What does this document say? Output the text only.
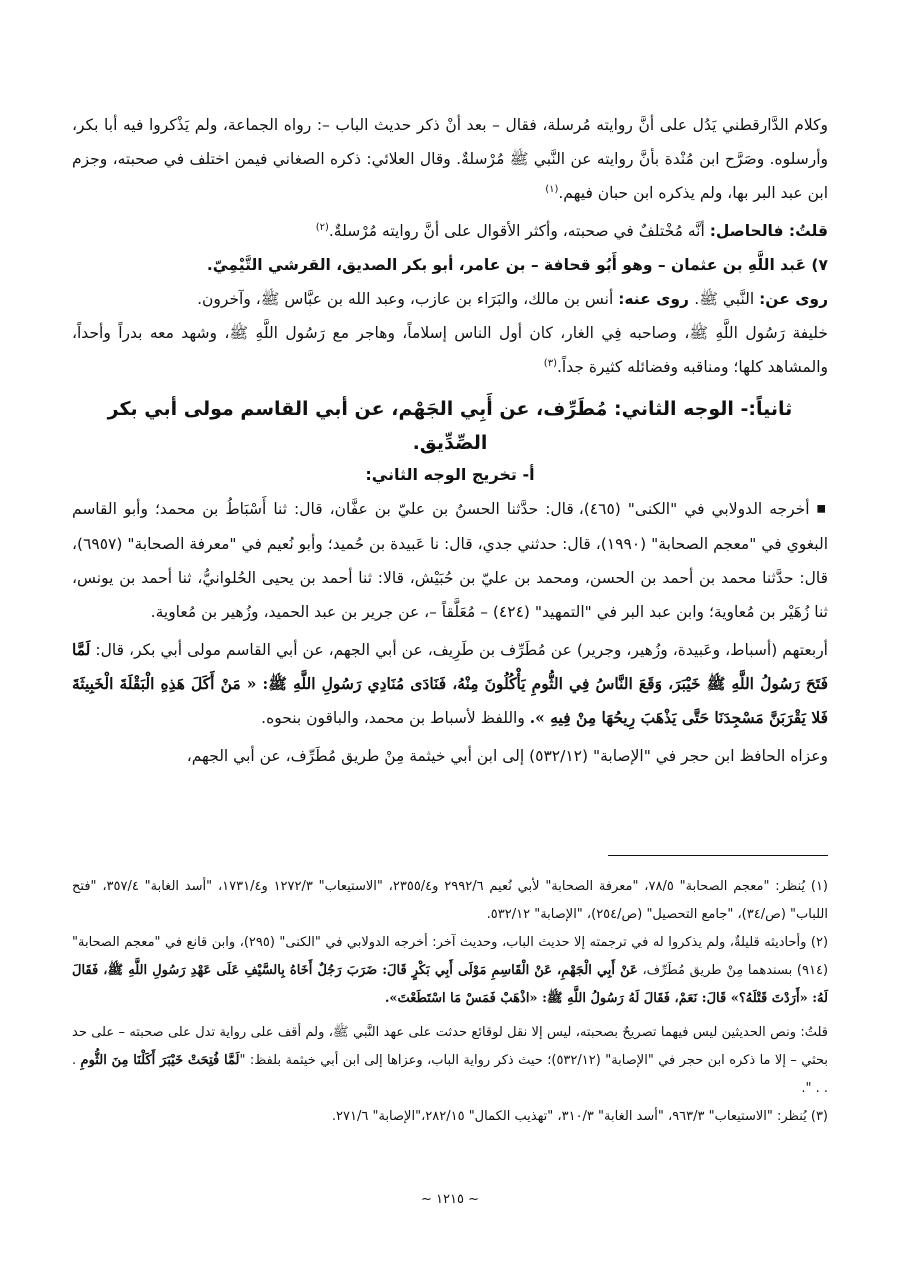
وكلام الدَّارقطني يَدُل على أنَّ روايته مُرسلة، فقال – بعد أنْ ذكر حديث الباب –: رواه الجماعة، ولم يَذْكروا فيه أبا بكر، وأرسلوه. وصَرَّح ابن مُنْدة بأنَّ روايته عن النَّبي ﷺ مُرْسلةٌ. وقال العلائي: ذكره الصغاني فيمن اختلف في صحبته، وجزم ابن عبد البر بها، ولم يذكره ابن حبان فيهم.$^{(١)}$

قلتُ: فالحاصل: أنَّه مُخْتلفٌ في صحبته، وأكثر الأقوال على أنَّ روايته مُرْسلةٌ.$^{(٢)}$

٧) عَبد اللَّهِ بن عثمان – وهو أَبُو قحافة – بن عامر، أبو بكر الصديق، القرشي التَّيْمِيّ.

روى عن: النَّبي ﷺ. روى عنه: أنس بن مالك، والبَرَاء بن عازب، وعبد الله بن عبَّاس ﷺ، وآخرون.

خليفة رَسُول اللَّهِ ﷺ، وصاحبه فِي الغار، كان أول الناس إسلاماً، وهاجر مع رَسُول اللَّهِ ﷺ، وشهد معه بدراً وأحداً، والمشاهد كلها؛ ومناقبه وفضائله كثيرة جداً.$^{(٣)}$

ثانياً:- الوجه الثاني: مُطَرِّف، عن أَبِي الجَهْم، عن أبي القاسم مولى أبي بكر الصِّدِّيق.
أ- تخريج الوجه الثاني:

■ أخرجه الدولابي في "الكنى" (٤٦٥)، قال: حدَّثنا الحسنُ بن عليّ بن عفَّان، قال: ثنا أَسْبَاطُ بن محمد؛ وأبو القاسم البغوي في "معجم الصحابة" (١٩٩٠)، قال: حدثني جدي، قال: نا عَبيدة بن حُميد؛ وأبو نُعيم في "معرفة الصحابة" (٦٩٥٧)، قال: حدَّثنا محمد بن أحمد بن الحسن، ومحمد بن عليّ بن حُبَيْش، قالا: ثنا أحمد بن يحيى الحُلوانيُّ، ثنا أحمد بن يونس، ثنا زُهَيْر بن مُعاوية؛ وابن عبد البر في "التمهيد" (٤٢٤) – مُعَلَّقاً –، عن جرير بن عبد الحميد، وزُهير بن مُعاوية.

أربعتهم (أسباط، وعَبيدة، وزُهير، وجرير) عن مُطَرِّف بن طَرِيف، عن أبي الجهم، عن أبي القاسم مولى أبي بكر، قال: لَمَّا فَتَحَ رَسُولُ اللَّهِ ﷺ خَيْبَرَ، وَقَعَ النَّاسُ فِي الثُّومِ يَأْكُلُونَ مِنْهُ، فَنَادَى مُنَادِي رَسُولِ اللَّهِ ﷺ: « مَنْ أَكَلَ هَذِهِ الْبَقْلَةَ الْخَبِيثَةَ فَلا يَقْرَبَنَّ مَسْجِدَنَا حَتَّى يَذْهَبَ رِيحُهَا مِنْ فِيهِ ». واللفظ لأسباط بن محمد، والباقون بنحوه.

وعزاه الحافظ ابن حجر في "الإصابة" (٥٣٢/١٢) إلى ابن أبي خيثمة مِنْ طريق مُطَرِّف، عن أبي الجهم،

(١) يُنظر: "معجم الصحابة" ٧٨/٥، "معرفة الصحابة" لأبي نُعيم ٢٩٩٢/٦ و٢٣٥٥/٤، "الاستيعاب" ١٢٧٢/٣ و١٧٣١/٤، "أسد الغابة" ٣٥٧/٤، "فتح اللباب" (ص/٣٤)، "جامع التحصيل" (ص/٢٥٤)، "الإصابة" ٥٣٢/١٢.

(٢) وأحاديثه قليلةٌ، ولم يذكروا له في ترجمته إلا حديث الباب، وحديث آخر: أخرجه الدولابي في "الكنى" (٢٩٥)، وابن قانع في "معجم الصحابة" (٩١٤) بسندهما مِنْ طريق مُطَرِّف، عَنْ أَبِي الْجَهْمِ، عَنْ الْقَاسِمِ مَوْلَى أَبِي بَكْرٍ قَالَ: ضَرَبَ رَجُلٌ أَخَاهُ بِالسَّيْفِ عَلَى عَهْدِ رَسُولِ اللَّهِ ﷺ، فَقَالَ لَهُ: «أَرَدْتَ قَتْلَهُ؟» قَالَ: نَعَمْ، فَقَالَ لَهُ رَسُولُ اللَّهِ ﷺ: «اذْهَبْ فَمَسْ مَا اسْتَطَعْتَ».

قلتُ: ونص الحديثين ليس فيهما تصريحٌ بصحبته، ليس إلا نقل لوقائع حدثت على عهد النَّبي ﷺ، ولم أقف على رواية تدل على صحبته – على حد بحثي – إلا ما ذكره ابن حجر في "الإصابة" (٥٣٢/١٢)؛ حيث ذكر رواية الباب، وعزاها إلى ابن أبي خيثمة بلفظ: "لَمَّا فُتِحَتْ خَيْبَرَ أَكَلْنَا مِنَ الثُّومِ . . . ".

(٣) يُنظر: "الاستيعاب" ٩٦٣/٣، "أسد الغابة" ٣١٠/٣، "تهذيب الكمال" ٢٨٢/١٥،"الإصابة" ٢٧١/٦.

~ ١٢١٥ ~
